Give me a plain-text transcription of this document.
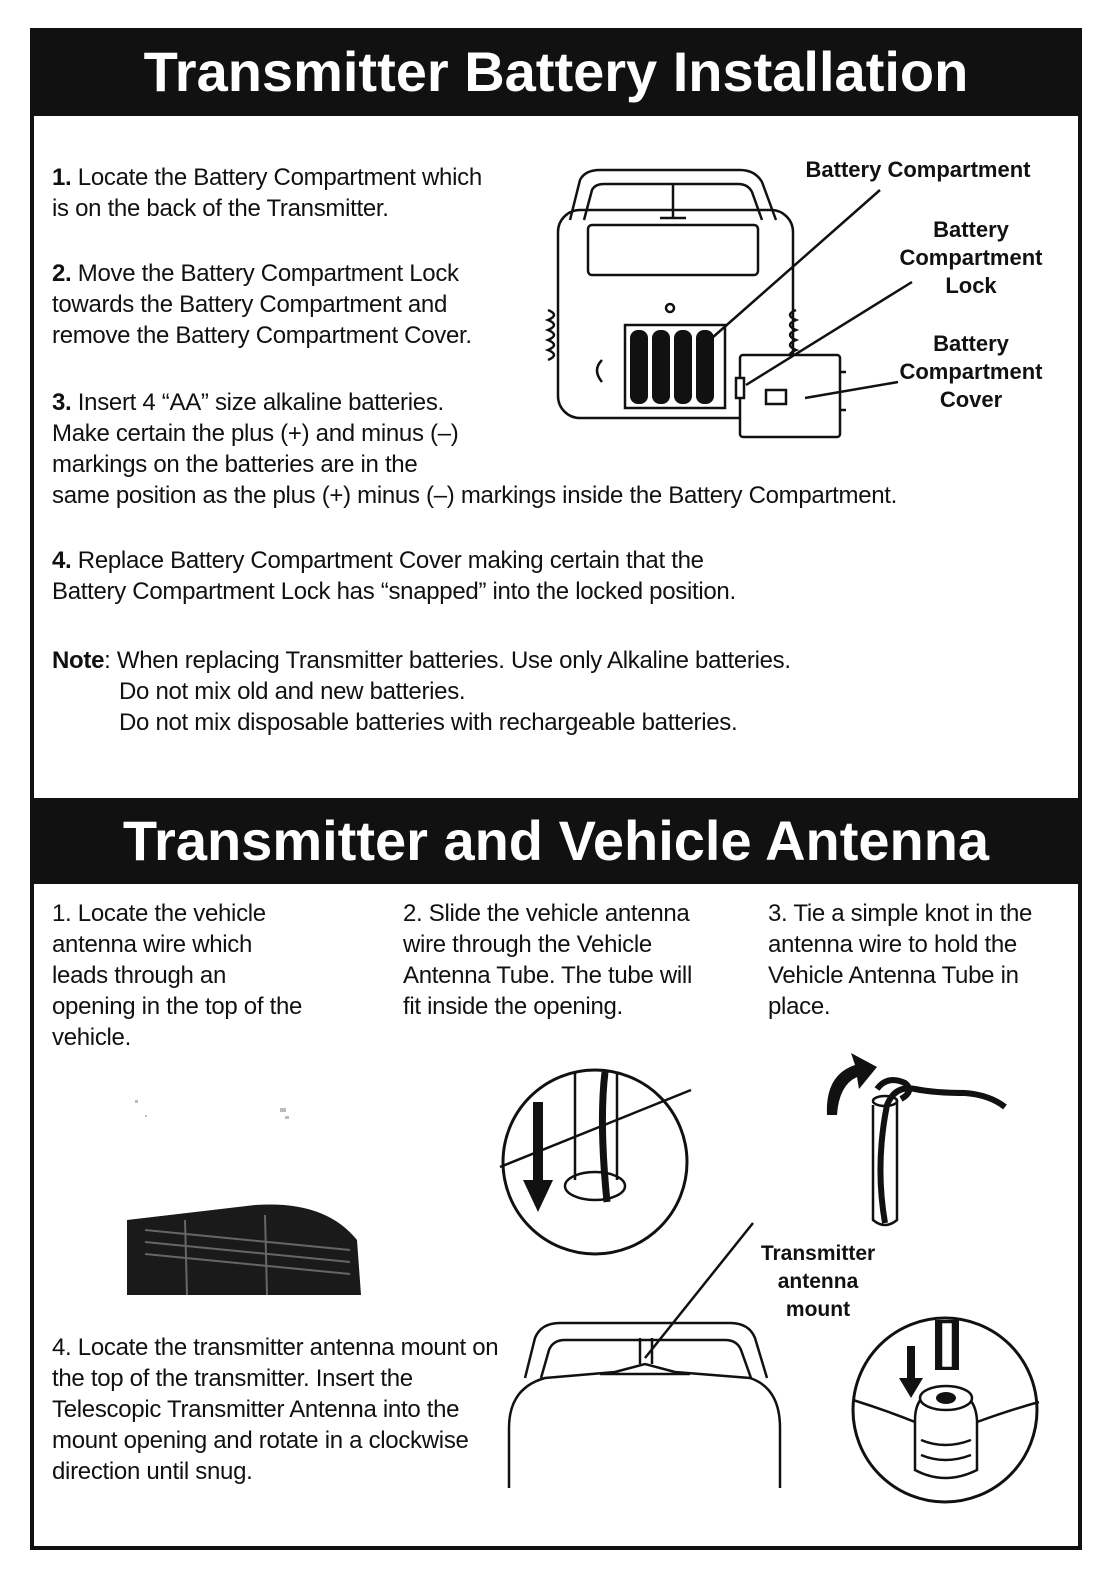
Transmitter Battery Installation
1. Locate the Battery Compartment which is on the back of the Transmitter.
2. Move the Battery Compartment Lock towards the Battery Compartment and remove the Battery Compartment Cover.
3. Insert 4 “AA” size alkaline batteries.
Make certain the plus (+) and minus (–)
markings on the batteries are in the
same position as the plus (+) minus (–) markings inside the Battery Compartment.
4. Replace Battery Compartment Cover making certain that the
Battery Compartment Lock has “snapped” into the locked position.
Note: When replacing Transmitter batteries. Use only Alkaline batteries.
Do not mix old and new batteries.
Do not mix disposable batteries with rechargeable batteries.
Battery Compartment
Battery Compartment Lock
Battery Compartment Cover
Transmitter and Vehicle Antenna
1. Locate the vehicle antenna wire which leads through an opening in the top of the vehicle.
2. Slide the vehicle antenna wire through the Vehicle Antenna Tube. The tube will fit inside the opening.
3. Tie a simple knot in the antenna wire to hold the Vehicle Antenna Tube in place.
Transmitter antenna mount
4. Locate the transmitter antenna mount on the top of the transmitter. Insert the Telescopic Transmitter Antenna into the mount opening and rotate in a clockwise direction until snug.
